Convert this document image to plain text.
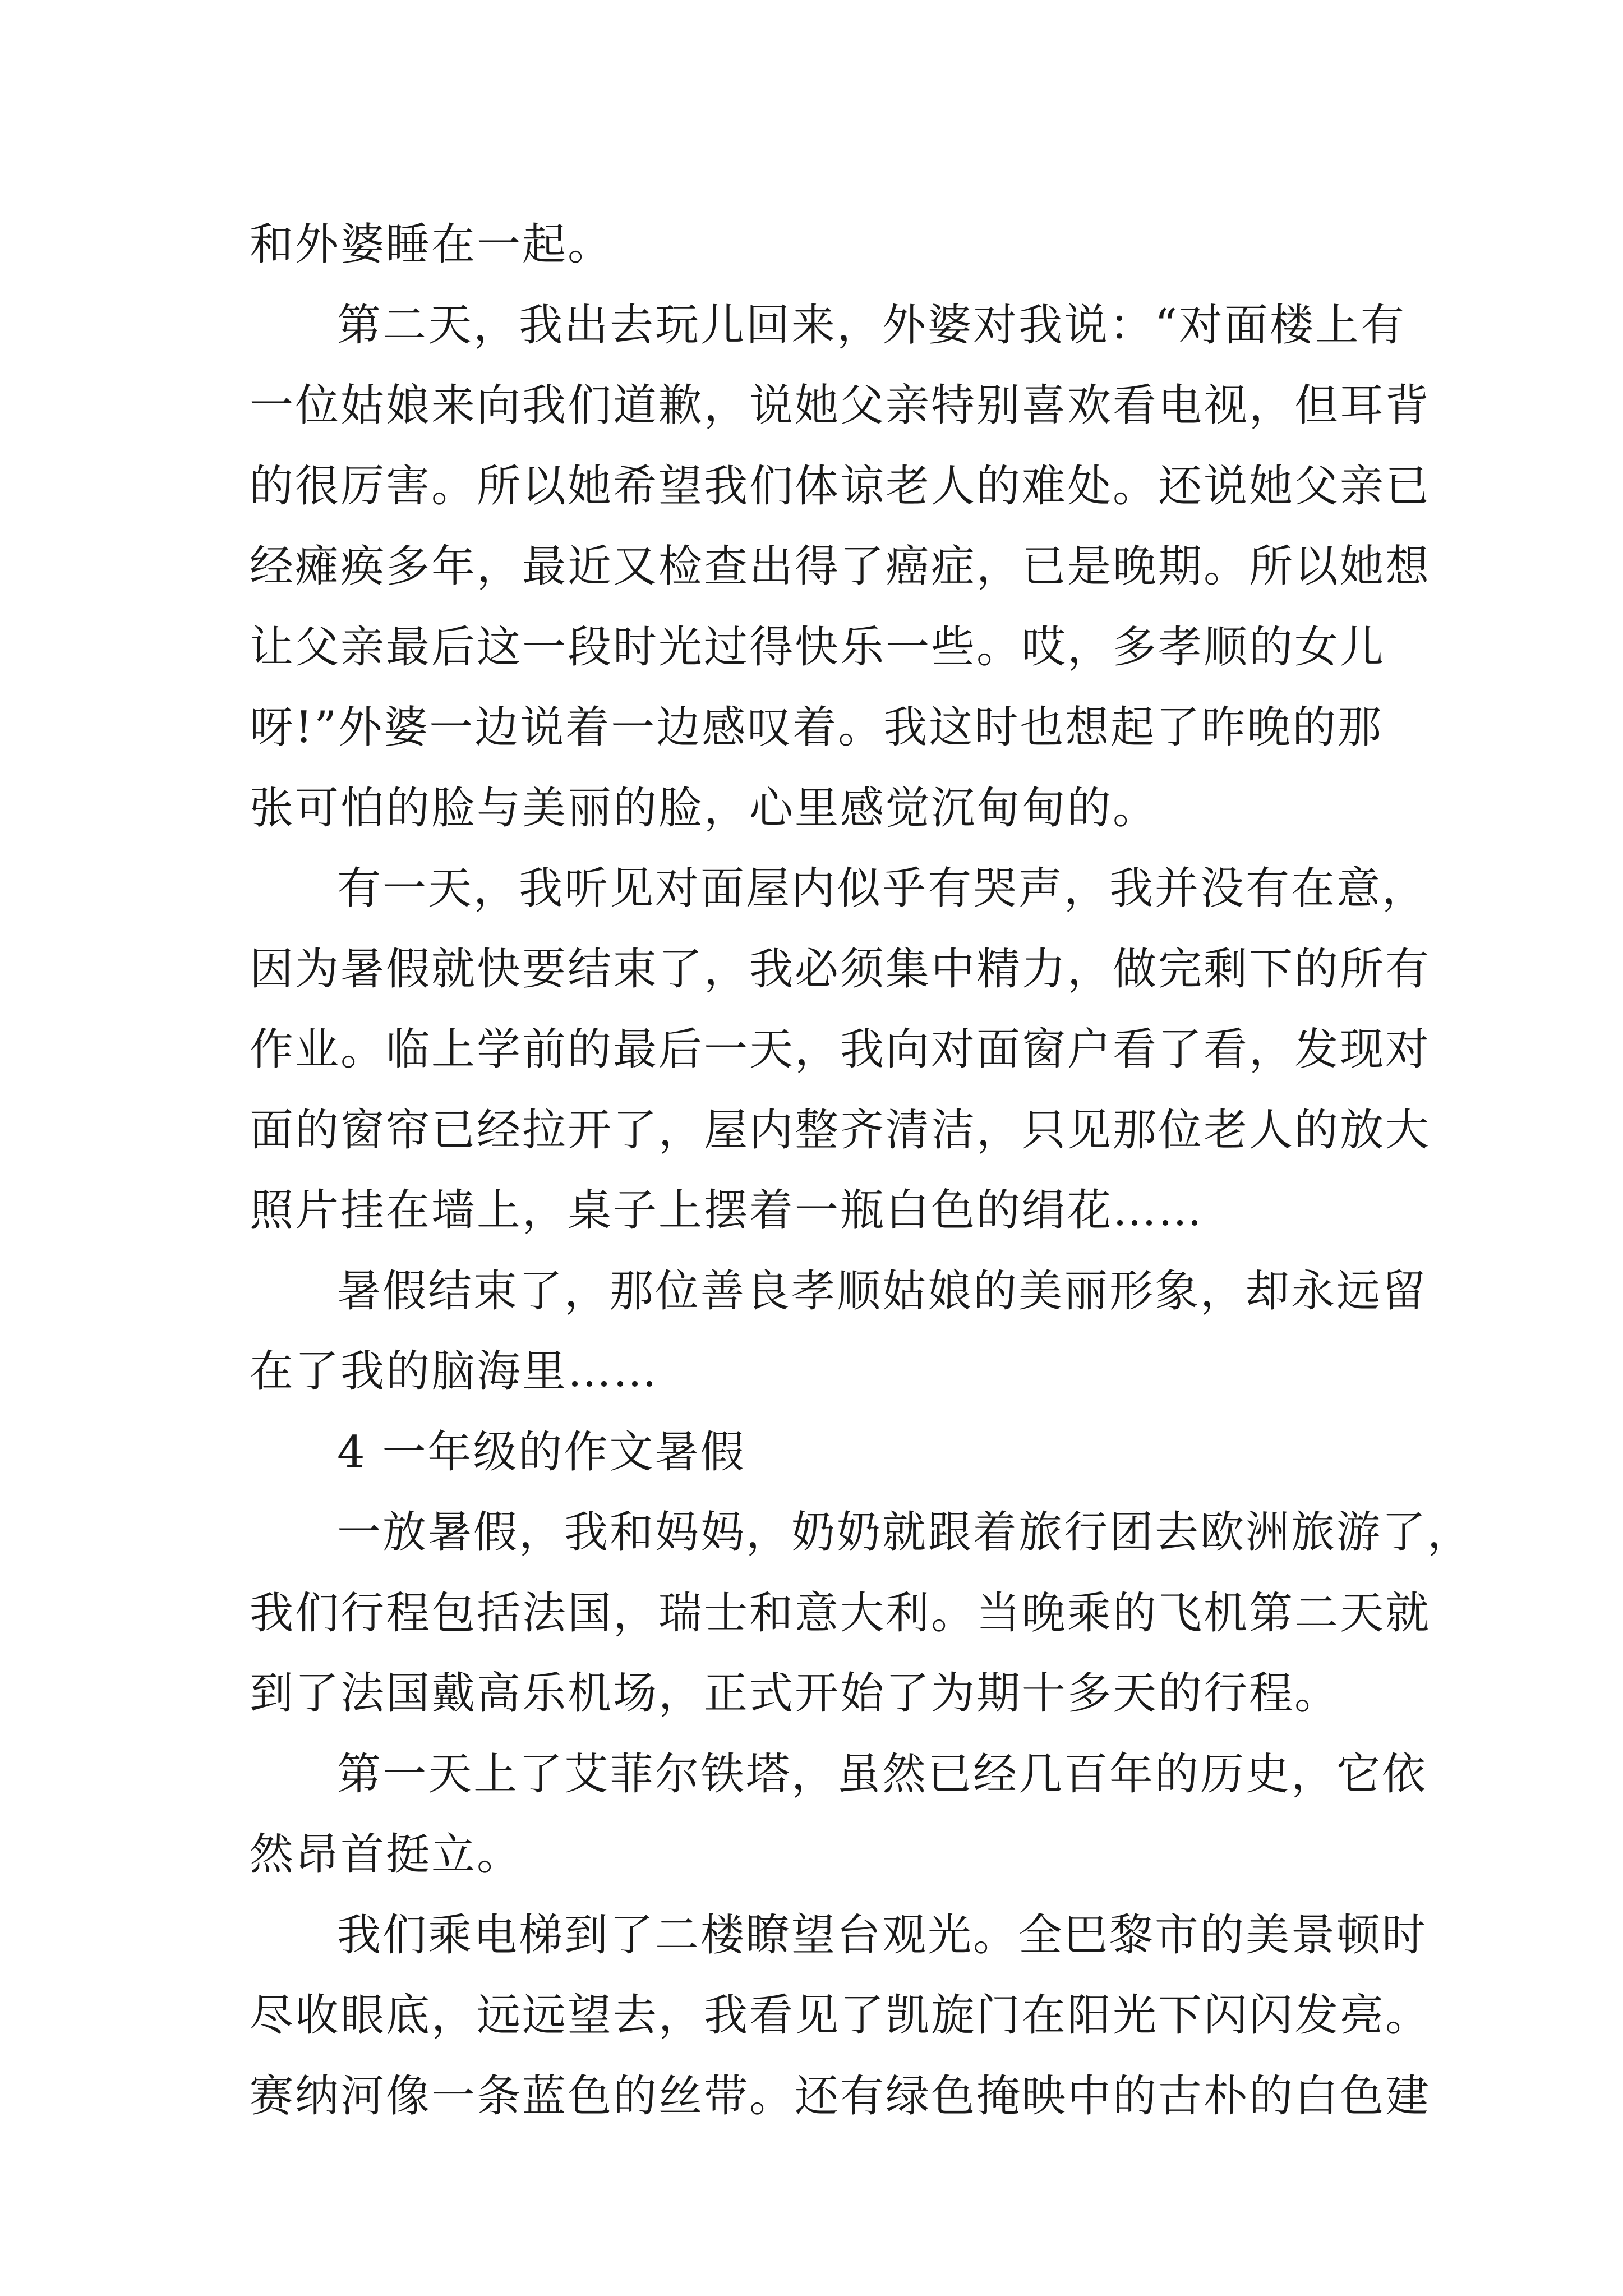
和外婆睡在一起。
第二天，我出去玩儿回来，外婆对我说：“对面楼上有
一位姑娘来向我们道歉，说她父亲特别喜欢看电视，但耳背
的很厉害。所以她希望我们体谅老人的难处。还说她父亲已
经瘫痪多年，最近又检查出得了癌症，已是晚期。所以她想
让父亲最后这一段时光过得快乐一些。哎，多孝顺的女儿
呀!”外婆一边说着一边感叹着。我这时也想起了昨晚的那
张可怕的脸与美丽的脸，心里感觉沉甸甸的。
有一天，我听见对面屋内似乎有哭声，我并没有在意，
因为暑假就快要结束了，我必须集中精力，做完剩下的所有
作业。临上学前的最后一天，我向对面窗户看了看，发现对
面的窗帘已经拉开了，屋内整齐清洁，只见那位老人的放大
照片挂在墙上，桌子上摆着一瓶白色的绢花……
暑假结束了，那位善良孝顺姑娘的美丽形象，却永远留
在了我的脑海里……
4 一年级的作文暑假
一放暑假，我和妈妈，奶奶就跟着旅行团去欧洲旅游了，
我们行程包括法国，瑞士和意大利。当晚乘的飞机第二天就
到了法国戴高乐机场，正式开始了为期十多天的行程。
第一天上了艾菲尔铁塔，虽然已经几百年的历史，它依
然昂首挺立。
我们乘电梯到了二楼瞭望台观光。全巴黎市的美景顿时
尽收眼底，远远望去，我看见了凯旋门在阳光下闪闪发亮。
赛纳河像一条蓝色的丝带。还有绿色掩映中的古朴的白色建
